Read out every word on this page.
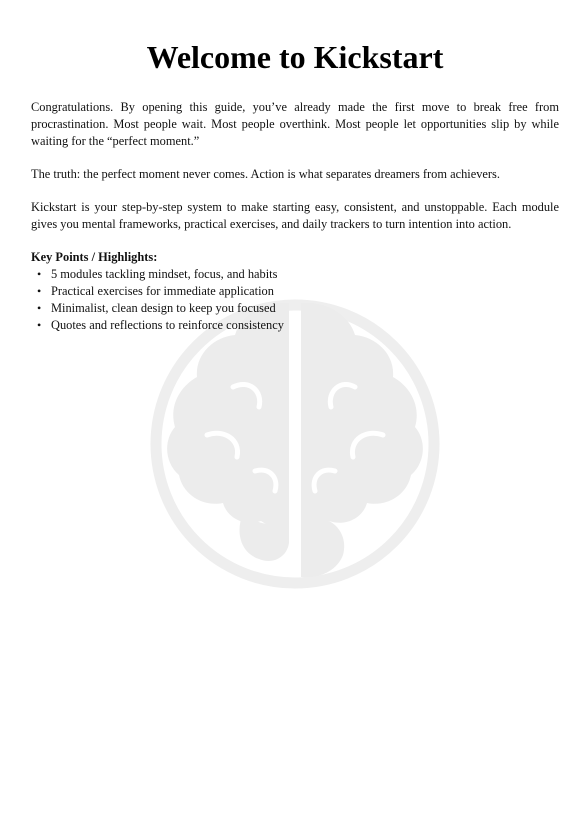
Welcome to Kickstart

Congratulations. By opening this guide, you’ve already made the first move to break free from procrastination. Most people wait. Most people overthink. Most people let opportunities slip by while waiting for the “perfect moment.”

The truth: the perfect moment never comes. Action is what separates dreamers from achievers.

Kickstart is your step-by-step system to make starting easy, consistent, and unstoppable. Each module gives you mental frameworks, practical exercises, and daily trackers to turn intention into action.

Key Points / Highlights:
• 5 modules tackling mindset, focus, and habits
• Practical exercises for immediate application
• Minimalist, clean design to keep you focused
• Quotes and reflections to reinforce consistency
